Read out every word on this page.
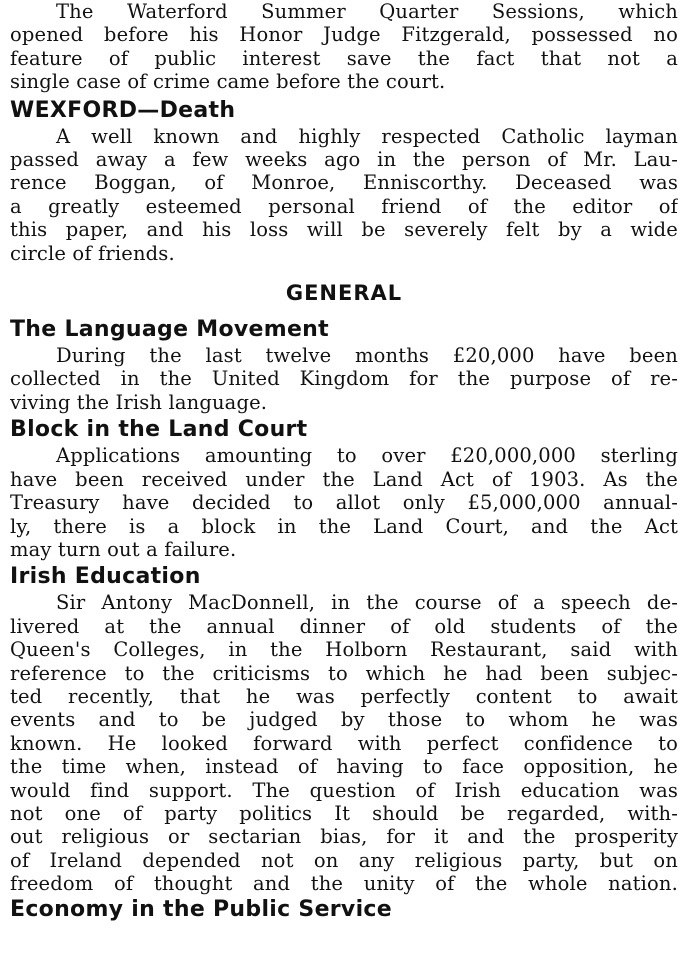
The Waterford Summer Quarter Sessions, which
opened before his Honor Judge Fitzgerald, possessed no
feature of public interest save the fact that not a
single case of crime came before the court.
WEXFORD—Death
A well known and highly respected Catholic layman
passed away a few weeks ago in the person of Mr. Lau-
rence Boggan, of Monroe, Enniscorthy. Deceased was
a greatly esteemed personal friend of the editor of
this paper, and his loss will be severely felt by a wide
circle of friends.
GENERAL
The Language Movement
During the last twelve months £20,000 have been
collected in the United Kingdom for the purpose of re-
viving the Irish language.
Block in the Land Court
Applications amounting to over £20,000,000 sterling
have been received under the Land Act of 1903. As the
Treasury have decided to allot only £5,000,000 annual-
ly, there is a block in the Land Court, and the Act
may turn out a failure.
Irish Education
Sir Antony MacDonnell, in the course of a speech de-
livered at the annual dinner of old students of the
Queen's Colleges, in the Holborn Restaurant, said with
reference to the criticisms to which he had been subjec-
ted recently, that he was perfectly content to await
events and to be judged by those to whom he was
known. He looked forward with perfect confidence to
the time when, instead of having to face opposition, he
would find support. The question of Irish education was
not one of party politics It should be regarded, with-
out religious or sectarian bias, for it and the prosperity
of Ireland depended not on any religious party, but on
freedom of thought and the unity of the whole nation.
Economy in the Public Service
